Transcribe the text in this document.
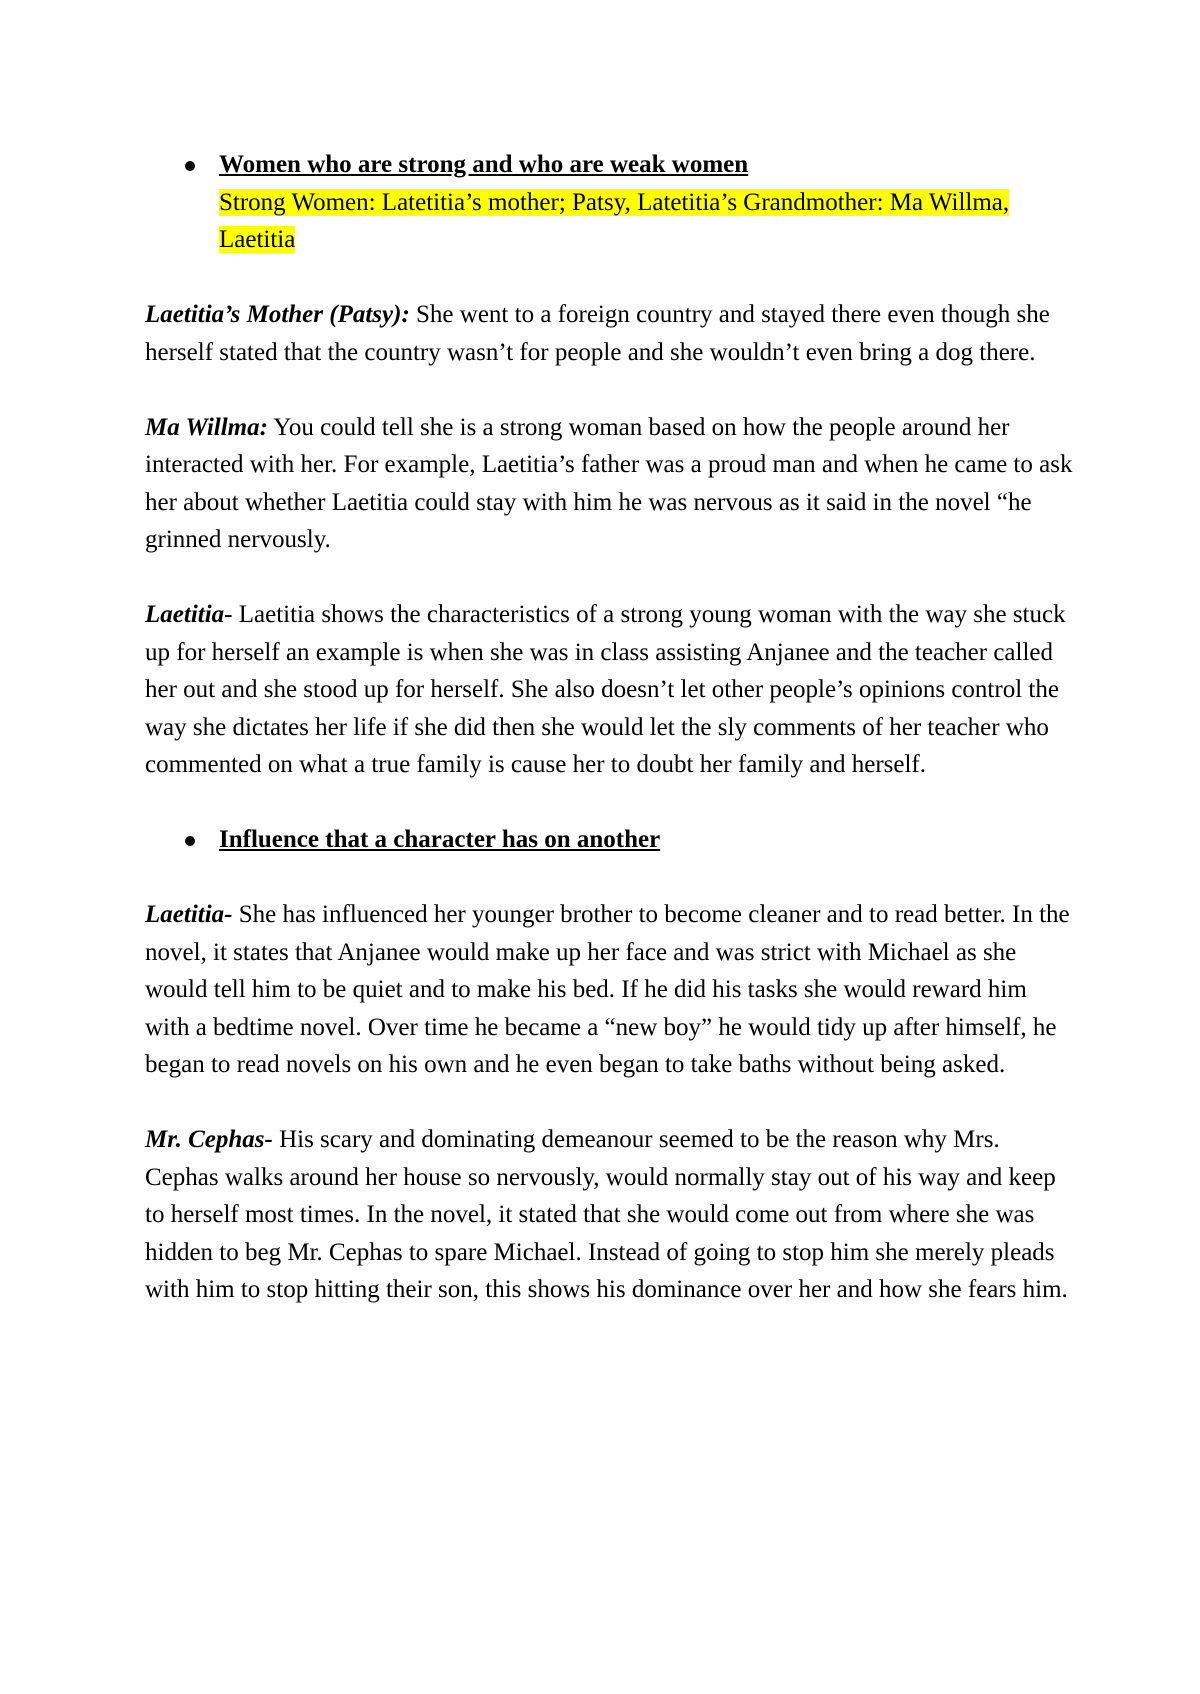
Women who are strong and who are weak women
Strong Women: Latetitia’s mother; Patsy, Latetitia’s Grandmother: Ma Willma, Laetitia

Laetitia’s Mother (Patsy): She went to a foreign country and stayed there even though she herself stated that the country wasn’t for people and she wouldn’t even bring a dog there.

Ma Willma: You could tell she is a strong woman based on how the people around her interacted with her. For example, Laetitia’s father was a proud man and when he came to ask her about whether Laetitia could stay with him he was nervous as it said in the novel “he grinned nervously.

Laetitia- Laetitia shows the characteristics of a strong young woman with the way she stuck up for herself an example is when she was in class assisting Anjanee and the teacher called her out and she stood up for herself. She also doesn’t let other people’s opinions control the way she dictates her life if she did then she would let the sly comments of her teacher who commented on what a true family is cause her to doubt her family and herself.

Influence that a character has on another

Laetitia- She has influenced her younger brother to become cleaner and to read better. In the novel, it states that Anjanee would make up her face and was strict with Michael as she would tell him to be quiet and to make his bed. If he did his tasks she would reward him with a bedtime novel. Over time he became a “new boy” he would tidy up after himself, he began to read novels on his own and he even began to take baths without being asked.

Mr. Cephas- His scary and dominating demeanour seemed to be the reason why Mrs. Cephas walks around her house so nervously, would normally stay out of his way and keep to herself most times. In the novel, it stated that she would come out from where she was hidden to beg Mr. Cephas to spare Michael. Instead of going to stop him she merely pleads with him to stop hitting their son, this shows his dominance over her and how she fears him.
